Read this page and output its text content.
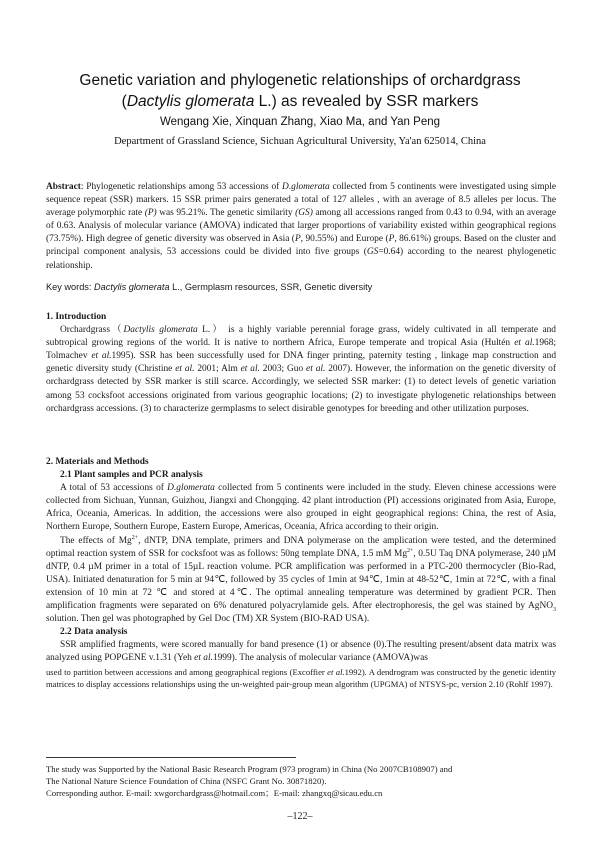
Genetic variation and phylogenetic relationships of orchardgrass
(Dactylis glomerata L.) as revealed by SSR markers
Wengang Xie, Xinquan Zhang, Xiao Ma, and Yan Peng
Department of Grassland Science, Sichuan Agricultural University, Ya'an 625014, China
Abstract: Phylogenetic relationships among 53 accessions of D.glomerata collected from 5 continents were investigated using simple sequence repeat (SSR) markers. 15 SSR primer pairs generated a total of 127 alleles , with an average of 8.5 alleles per locus. The average polymorphic rate (P) was 95.21%. The genetic similarity (GS) among all accessions ranged from 0.43 to 0.94, with an average of 0.63. Analysis of molecular variance (AMOVA) indicated that larger proportions of variability existed within geographical regions (73.75%). High degree of genetic diversity was observed in Asia (P, 90.55%) and Europe (P, 86.61%) groups. Based on the cluster and principal component analysis, 53 accessions could be divided into five groups (GS=0.64) according to the nearest phylogenetic relationship.
Key words: Dactylis glomerata L., Germplasm resources, SSR, Genetic diversity

1. Introduction

Orchardgrass（Dactylis glomerata L.） is a highly variable perennial forage grass, widely cultivated in all temperate and subtropical growing regions of the world. It is native to northern Africa, Europe temperate and tropical Asia (Hultén et al.1968; Tolmachev et al.1995). SSR has been successfully used for DNA finger printing, paternity testing , linkage map construction and genetic diversity study (Christine et al. 2001; Alm et al. 2003; Guo et al. 2007). However, the information on the genetic diversity of orchardgrass detected by SSR marker is still scarce. Accordingly, we selected SSR marker: (1) to detect levels of genetic variation among 53 cocksfoot accessions originated from various geographic locations; (2) to investigate phylogenetic relationships between orchardgrass accessions. (3) to characterize germplasms to select disirable genotypes for breeding and other utilization purposes.

2. Materials and Methods

2.1 Plant samples and PCR analysis

A total of 53 accessions of D.glomerata collected from 5 continents were included in the study. Eleven chinese accessions were collected from Sichuan, Yunnan, Guizhou, Jiangxi and Chongqing. 42 plant introduction (PI) accessions originated from Asia, Europe, Africa, Oceania, Americas. In addition, the accessions were also grouped in eight geographical regions: China, the rest of Asia, Northern Europe, Southern Europe, Eastern Europe, Americas, Oceania, Africa according to their origin.

The effects of $Mg^{2+}$, dNTP, DNA template, primers and DNA polymerase on the amplication were tested, and the determined optimal reaction system of SSR for cocksfoot was as follows: 50ng template DNA, 1.5 mM $Mg^{2+}$, 0.5U Taq DNA polymerase, 240 µM dNTP, 0.4 µM primer in a total of 15µL reaction volume. PCR amplification was performed in a PTC-200 thermocycler (Bio-Rad, USA). Initiated denaturation for 5 min at 94℃, followed by 35 cycles of 1min at 94℃, 1min at 48-52℃, 1min at 72℃, with a final extension of 10 min at 72 ℃ and stored at 4℃. The optimal annealing temperature was determined by gradient PCR. Then amplification fragments were separated on 6% denatured polyacrylamide gels. After electrophoresis, the gel was stained by AgNO$_3$ solution. Then gel was photographed by Gel Doc (TM) XR System (BIO-RAD USA).

2.2 Data analysis

SSR amplified fragments, were scored manually for band presence (1) or absence (0).The resulting present/absent data matrix was analyzed using POPGENE v.1.31 (Yeh et al.1999). The analysis of molecular variance (AMOVA)was

used to partition between accessions and among geographical regions (Excoffier et al.1992). A dendrogram was constructed by the genetic identity matrices to display accessions relationships using the un-weighted pair-group mean algorithm (UPGMA) of NTSYS-pc, version 2.10 (Rohlf 1997).

The study was Supported by the National Basic Research Program (973 program) in China (No 2007CB108907) and

The National Nature Science Foundation of China (NSFC Grant No. 30871820).

Corresponding author. E-mail: xwgorchardgrass@hotmail.com；E-mail: zhangxq@sicau.edu.cn

–122–
